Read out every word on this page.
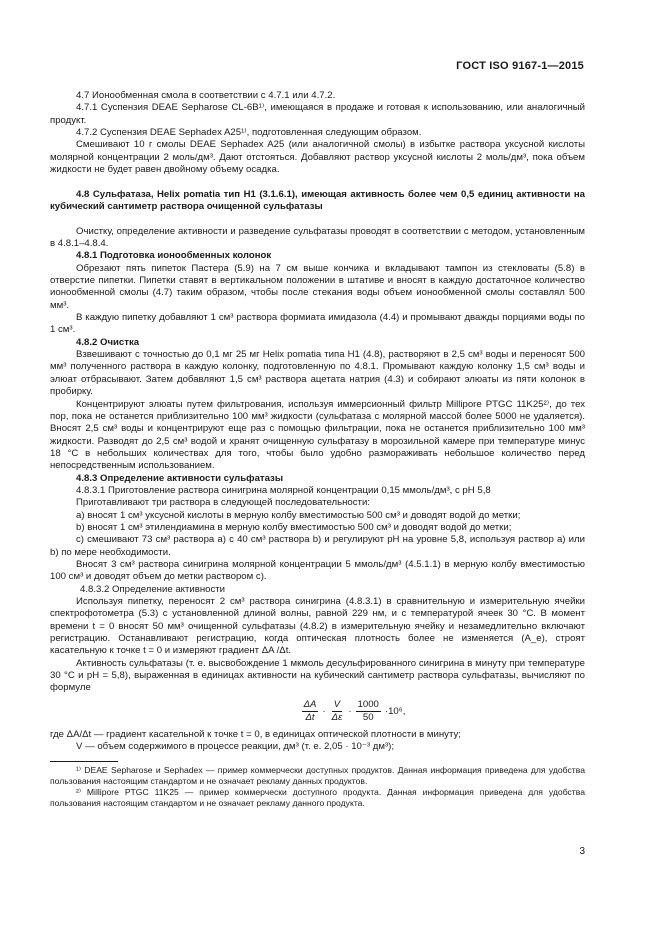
ГОСТ ISO 9167-1—2015

4.7 Ионообменная смола в соответствии с 4.7.1 или 4.7.2.

4.7.1 Суспензия DEAE Sepharose CL-6B¹⁾, имеющаяся в продаже и готовая к использованию, или аналогичный продукт.

4.7.2 Суспензия DEAE Sephadex A25¹⁾, подготовленная следующим образом.

Смешивают 10 г смолы DEAE Sephadex A25 (или аналогичной смолы) в избытке раствора уксусной кислоты молярной концентрации 2 моль/дм³. Дают отстояться. Добавляют раствор уксусной кислоты 2 моль/дм³, пока объем жидкости не будет равен двойному объему осадка.

4.8 Сульфатаза, Helix pomatia тип H1 (3.1.6.1), имеющая активность более чем 0,5 единиц активности на кубический сантиметр раствора очищенной сульфатазы

Очистку, определение активности и разведение сульфатазы проводят в соответствии с методом, установленным в 4.8.1–4.8.4.

4.8.1 Подготовка ионообменных колонок

Обрезают пять пипеток Пастера (5.9) на 7 см выше кончика и вкладывают тампон из стекловаты (5.8) в отверстие пипетки. Пипетки ставят в вертикальном положении в штативе и вносят в каждую достаточное количество ионообменной смолы (4.7) таким образом, чтобы после стекания воды объем ионообменной смолы составлял 500 мм³.

В каждую пипетку добавляют 1 см³ раствора формиата имидазола (4.4) и промывают дважды порциями воды по 1 см³.

4.8.2 Очистка

Взвешивают с точностью до 0,1 мг 25 мг Helix pomatia типа H1 (4.8), растворяют в 2,5 см³ воды и переносят 500 мм³ полученного раствора в каждую колонку, подготовленную по 4.8.1. Промывают каждую колонку 1,5 см³ воды и элюат отбрасывают. Затем добавляют 1,5 см³ раствора ацетата натрия (4.3) и собирают элюаты из пяти колонок в пробирку.

Концентрируют элюаты путем фильтрования, используя иммерсионный фильтр Millipore PTGC 11K25²⁾, до тех пор, пока не останется приблизительно 100 мм³ жидкости (сульфатаза с молярной массой более 5000 не удаляется). Вносят 2,5 см³ воды и концентрируют еще раз с помощью фильтрации, пока не останется приблизительно 100 мм³ жидкости. Разводят до 2,5 см³ водой и хранят очищенную сульфатазу в морозильной камере при температуре минус 18 °С в небольших количествах для того, чтобы было удобно размораживать небольшое количество перед непосредственным использованием.

4.8.3 Определение активности сульфатазы

4.8.3.1 Приготовление раствора синигрина молярной концентрации 0,15 ммоль/дм³, с рН 5,8

Приготавливают три раствора в следующей последовательности:

a) вносят 1 см³ уксусной кислоты в мерную колбу вместимостью 500 см³ и доводят водой до метки;

b) вносят 1 см³ этилендиамина в мерную колбу вместимостью 500 см³ и доводят водой до метки;

c) смешивают 73 см³ раствора a) с 40 см³ раствора b) и регулируют рН на уровне 5,8, используя раствор a) или b) по мере необходимости.

Вносят 3 см³ раствора синигрина молярной концентрации 5 ммоль/дм³ (4.5.1.1) в мерную колбу вместимостью 100 см³ и доводят объем до метки раствором с).

4.8.3.2 Определение активности

Используя пипетку, переносят 2 см³ раствора синигрина (4.8.3.1) в сравнительную и измерительную ячейки спектрофотометра (5.3) с установленной длиной волны, равной 229 нм, и с температурой ячеек 30 °С. В момент времени t = 0 вносят 50 мм³ очищенной сульфатазы (4.8.2) в измерительную ячейку и незамедлительно включают регистрацию. Останавливают регистрацию, когда оптическая плотность более не изменяется (A_e), строят касательную к точке t = 0 и измеряют градиент ΔA /Δt.

Активность сульфатазы (т. е. высвобождение 1 мкмоль десульфированного синигрина в минуту при температуре 30 °С и рН = 5,8), выраженная в единицах активности на кубический сантиметр раствора сульфатазы, вычисляют по формуле

$\frac{\Delta A}{\Delta t} \cdot \frac{V}{\Delta\varepsilon} \cdot \frac{1000}{50} \cdot 10^6$,

где ΔA/Δt — градиент касательной к точке t = 0, в единицах оптической плотности в минуту;

V — объем содержимого в процессе реакции, дм³ (т. е. 2,05 · 10⁻³ дм³);

¹⁾ DEAE Sepharose и Sephadex — пример коммерчески доступных продуктов. Данная информация приведена для удобства пользования настоящим стандартом и не означает рекламу данных продуктов.

²⁾ Millipore PTGC 11K25 — пример коммерчески доступного продукта. Данная информация приведена для удобства пользования настоящим стандартом и не означает рекламу данного продукта.

3
